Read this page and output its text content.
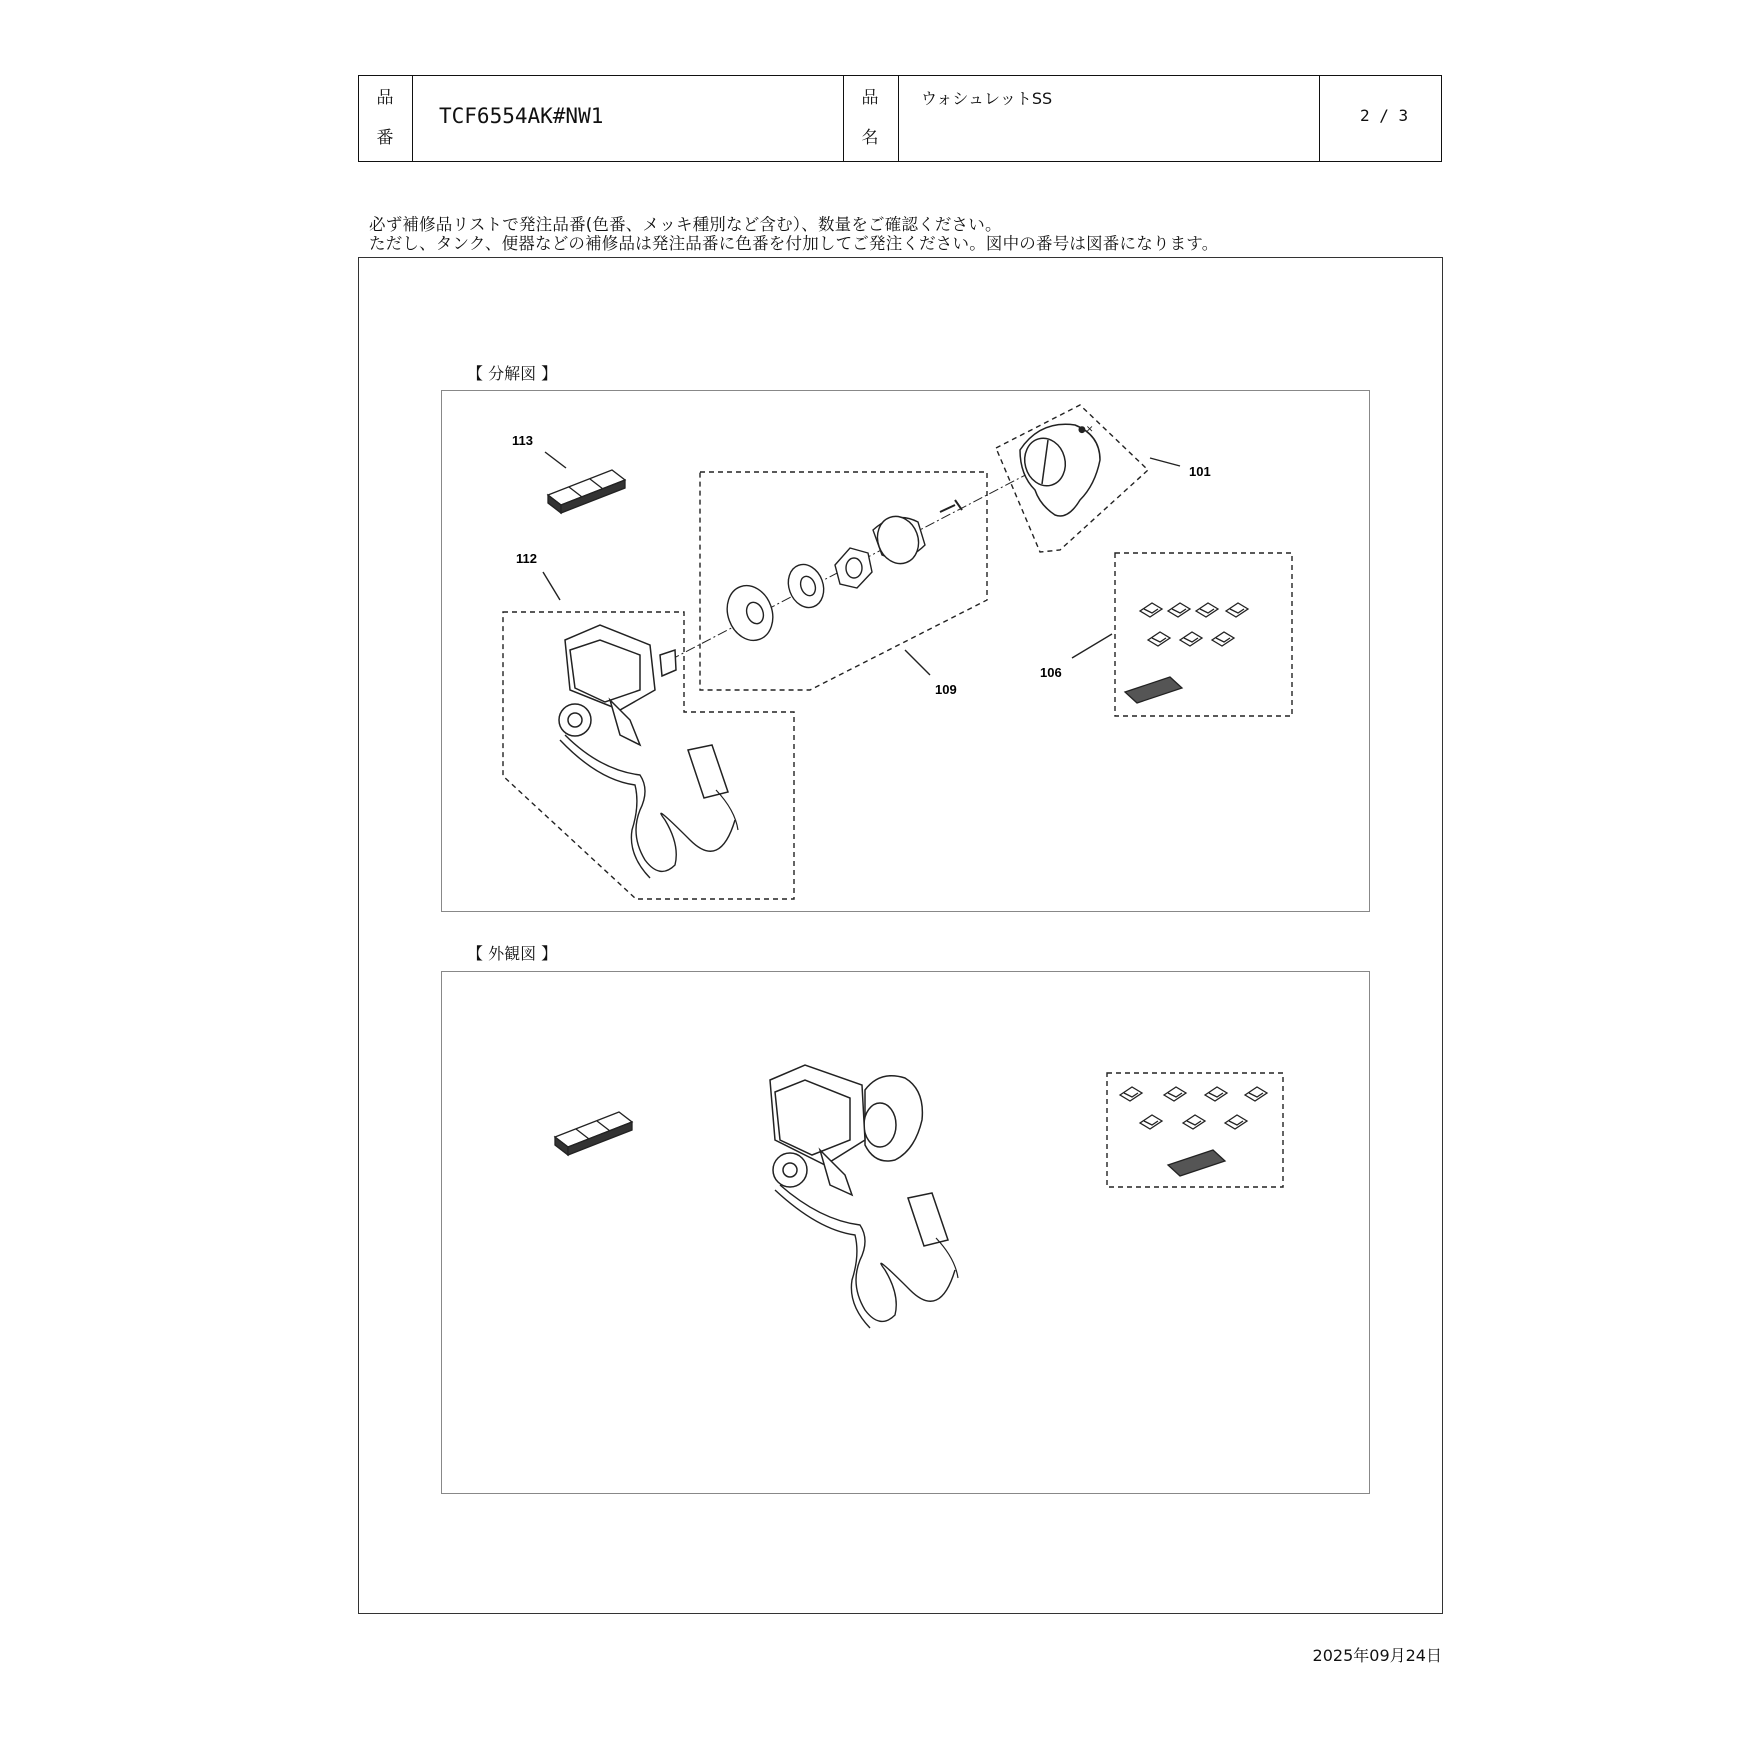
品
番
TCF6554AK#NW1
品
名
ウォシュレットSS
2 / 3
必ず補修品リストで発注品番(色番、メッキ種別など含む）、数量をご確認ください。
ただし、タンク、便器などの補修品は発注品番に色番を付加してご発注ください。図中の番号は図番になります。
【 分解図 】
●✕
113
112
109
101
106
【 外観図 】
2025年09月24日
